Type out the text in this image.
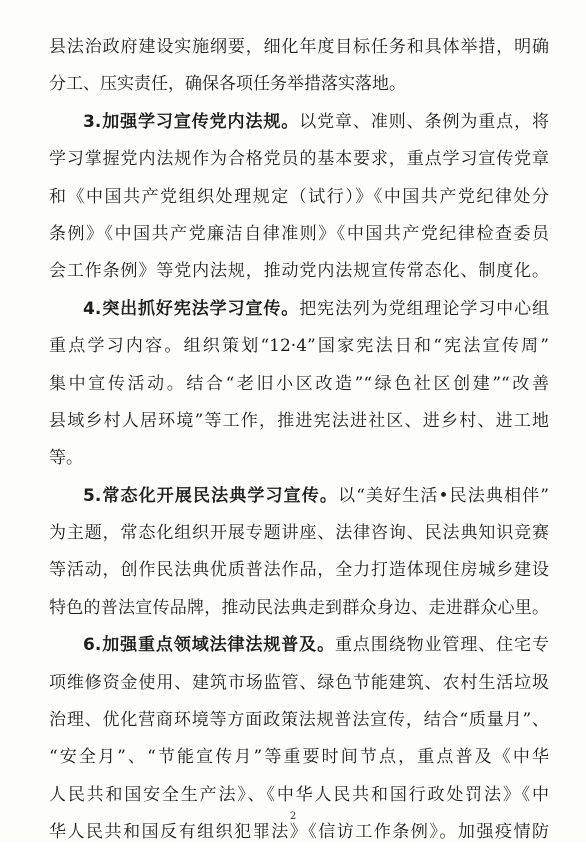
县法治政府建设实施纲要，细化年度目标任务和具体举措，明确
分工、压实责任，确保各项任务举措落实落地。
3.加强学习宣传党内法规。以党章、准则、条例为重点，将
学习掌握党内法规作为合格党员的基本要求，重点学习宣传党章
和《中国共产党组织处理规定（试行）》《中国共产党纪律处分
条例》《中国共产党廉洁自律准则》《中国共产党纪律检查委员
会工作条例》等党内法规，推动党内法规宣传常态化、制度化。
4.突出抓好宪法学习宣传。把宪法列为党组理论学习中心组
重点学习内容。组织策划“12·4”国家宪法日和“宪法宣传周”
集中宣传活动。结合“老旧小区改造”“绿色社区创建”“改善
县域乡村人居环境”等工作，推进宪法进社区、进乡村、进工地
等。
5.常态化开展民法典学习宣传。以“美好生活•民法典相伴”
为主题，常态化组织开展专题讲座、法律咨询、民法典知识竞赛
等活动，创作民法典优质普法作品，全力打造体现住房城乡建设
特色的普法宣传品牌，推动民法典走到群众身边、走进群众心里。
6.加强重点领域法律法规普及。重点围绕物业管理、住宅专
项维修资金使用、建筑市场监管、绿色节能建筑、农村生活垃圾
治理、优化营商环境等方面政策法规普法宣传，结合“质量月”、
“安全月”、“节能宣传月”等重要时间节点，重点普及《中华
人民共和国安全生产法》、《中华人民共和国行政处罚法》《中
华人民共和国反有组织犯罪法》《信访工作条例》。加强疫情防
2
